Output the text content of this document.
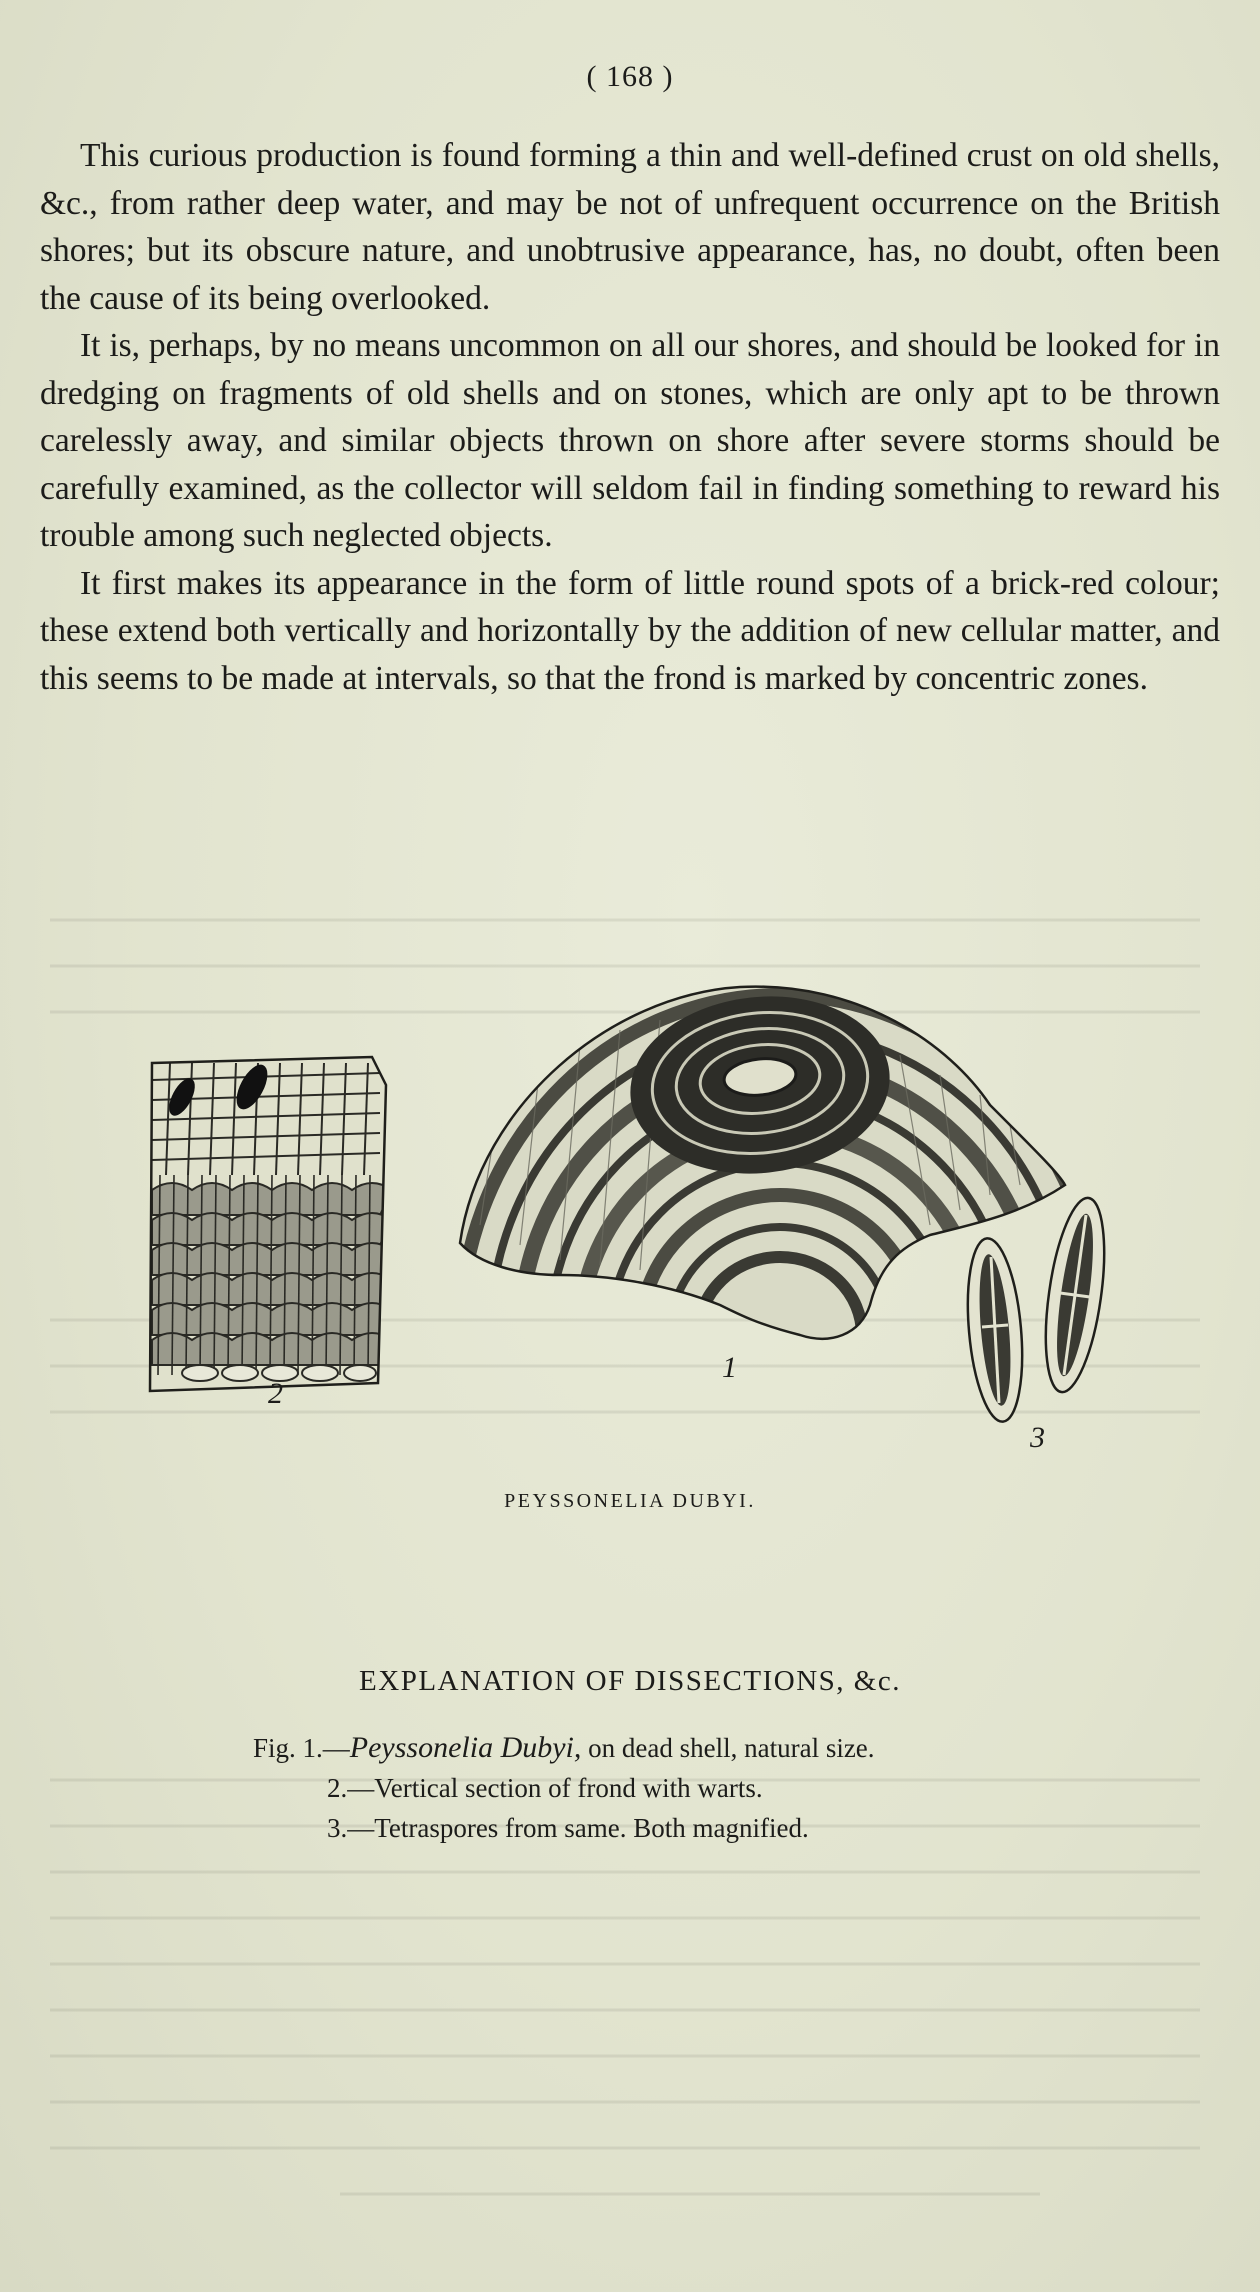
( 168 )

This curious production is found forming a thin and well-defined crust on old shells, &c., from rather deep water, and may be not of unfrequent occurrence on the British shores; but its obscure nature, and unobtrusive appearance, has, no doubt, often been the cause of its being overlooked.

It is, perhaps, by no means uncommon on all our shores, and should be looked for in dredging on fragments of old shells and on stones, which are only apt to be thrown carelessly away, and similar objects thrown on shore after severe storms should be carefully examined, as the collector will seldom fail in finding something to reward his trouble among such neglected objects.

It first makes its appearance in the form of little round spots of a brick-red colour; these extend both vertically and horizontally by the addition of new cellular matter, and this seems to be made at intervals, so that the frond is marked by concentric zones.

2
1
3
PEYSSONELIA DUBYI.
EXPLANATION OF DISSECTIONS, &c.
Fig. 1.—Peyssonelia Dubyi, on dead shell, natural size.
2.—Vertical section of frond with warts.
3.—Tetraspores from same. Both magnified.
